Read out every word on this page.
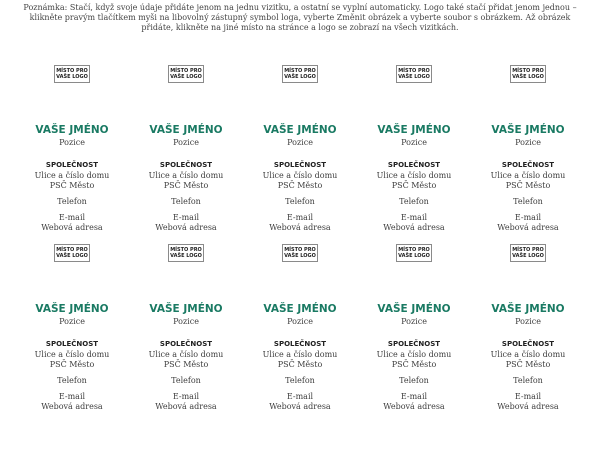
Poznámka: Stačí, když svoje údaje přidáte jenom na jednu vizitku, a ostatní se vyplní automaticky. Logo také stačí přidat jenom jednou – klikněte pravým tlačítkem myši na libovolný zástupný symbol loga, vyberte Změnit obrázek a vyberte soubor s obrázkem. Až obrázek přidáte, klikněte na jiné místo na stránce a logo se zobrazí na všech vizitkách.

MÍSTO PRO
VAŠE LOGO
VAŠE JMÉNO
Pozice
SPOLEČNOST
Ulice a číslo domu
PSČ Město
Telefon
E-mail
Webová adresa
MÍSTO PRO
VAŠE LOGO
VAŠE JMÉNO
Pozice
SPOLEČNOST
Ulice a číslo domu
PSČ Město
Telefon
E-mail
Webová adresa
MÍSTO PRO
VAŠE LOGO
VAŠE JMÉNO
Pozice
SPOLEČNOST
Ulice a číslo domu
PSČ Město
Telefon
E-mail
Webová adresa
MÍSTO PRO
VAŠE LOGO
VAŠE JMÉNO
Pozice
SPOLEČNOST
Ulice a číslo domu
PSČ Město
Telefon
E-mail
Webová adresa
MÍSTO PRO
VAŠE LOGO
VAŠE JMÉNO
Pozice
SPOLEČNOST
Ulice a číslo domu
PSČ Město
Telefon
E-mail
Webová adresa
MÍSTO PRO
VAŠE LOGO
VAŠE JMÉNO
Pozice
SPOLEČNOST
Ulice a číslo domu
PSČ Město
Telefon
E-mail
Webová adresa
MÍSTO PRO
VAŠE LOGO
VAŠE JMÉNO
Pozice
SPOLEČNOST
Ulice a číslo domu
PSČ Město
Telefon
E-mail
Webová adresa
MÍSTO PRO
VAŠE LOGO
VAŠE JMÉNO
Pozice
SPOLEČNOST
Ulice a číslo domu
PSČ Město
Telefon
E-mail
Webová adresa
MÍSTO PRO
VAŠE LOGO
VAŠE JMÉNO
Pozice
SPOLEČNOST
Ulice a číslo domu
PSČ Město
Telefon
E-mail
Webová adresa
MÍSTO PRO
VAŠE LOGO
VAŠE JMÉNO
Pozice
SPOLEČNOST
Ulice a číslo domu
PSČ Město
Telefon
E-mail
Webová adresa
